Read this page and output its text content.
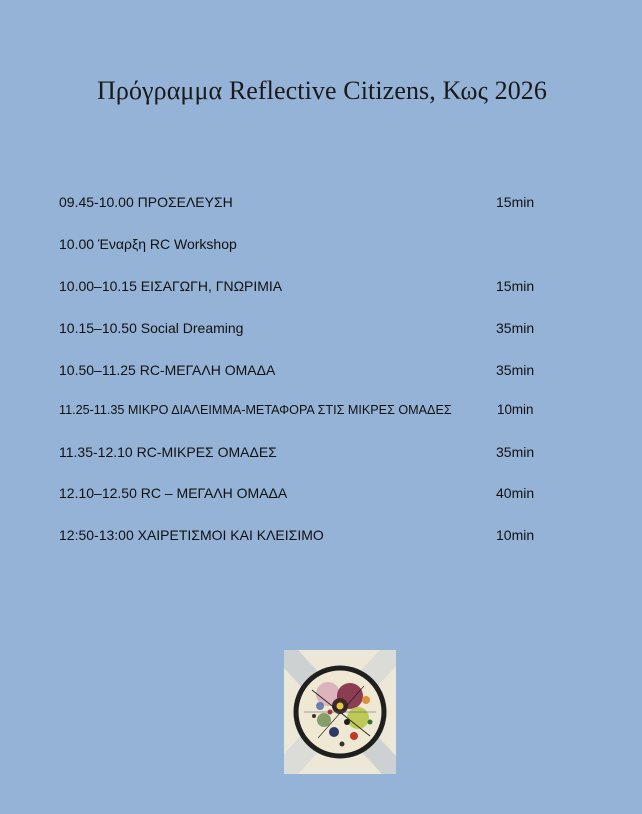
Πρόγραμμα Reflective Citizens, Κως 2026
09.45-10.00 ΠΡΟΣΕΛΕΥΣΗ	15min
10.00 Έναρξη RC Workshop
10.00–10.15 ΕΙΣΑΓΩΓΗ, ΓΝΩΡΙΜΙΑ	15min
10.15–10.50 Social Dreaming	35min
10.50–11.25 RC-ΜΕΓΑΛΗ ΟΜΑΔΑ	35min
11.25-11.35 ΜΙΚΡΟ ΔΙΑΛΕΙΜΜΑ-ΜΕΤΑΦΟΡΑ ΣΤΙΣ ΜΙΚΡΕΣ ΟΜΑΔΕΣ	10min
11.35-12.10 RC-ΜΙΚΡΕΣ ΟΜΑΔΕΣ	35min
12.10–12.50 RC – ΜΕΓΑΛΗ ΟΜΑΔΑ	40min
12:50-13:00 ΧΑΙΡΕΤΙΣΜΟΙ ΚΑΙ ΚΛΕΙΣΙΜΟ	10min
